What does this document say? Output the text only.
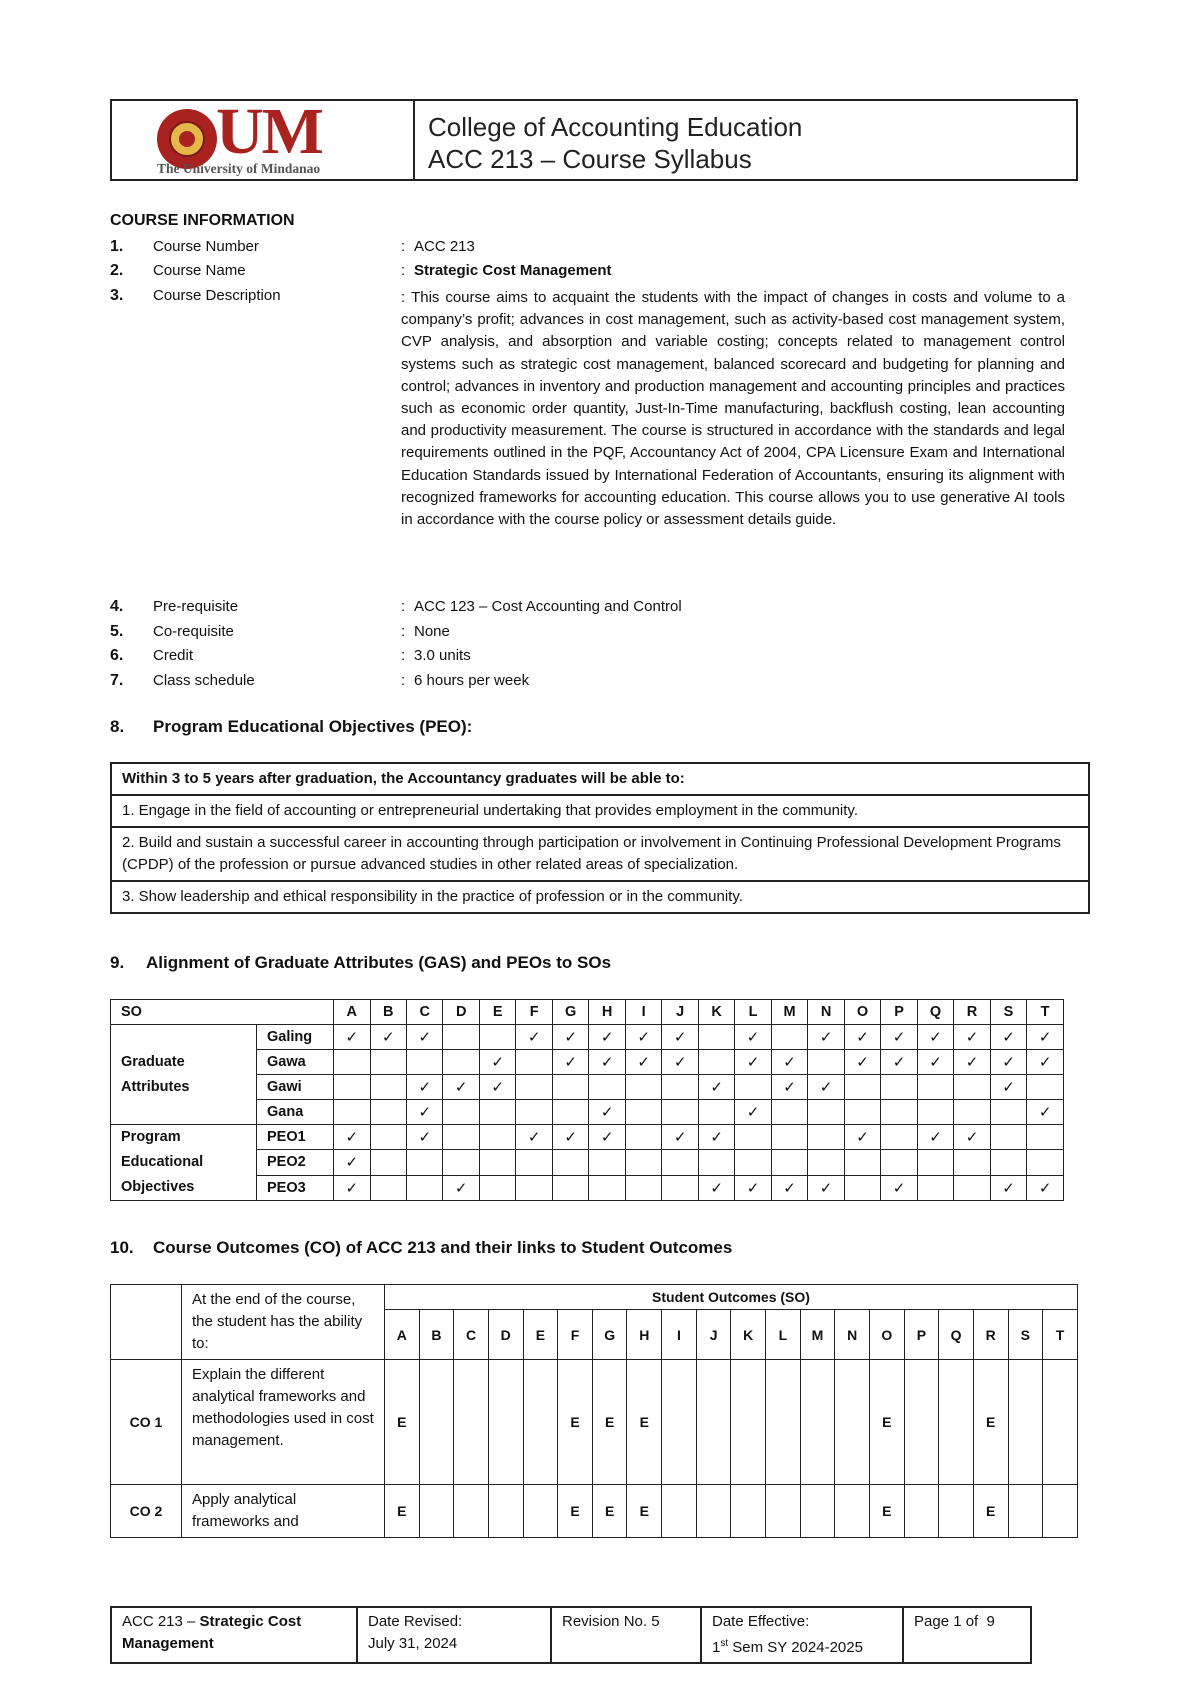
UM
The University of Mindanao
College of Accounting Education
ACC 213 – Course Syllabus
COURSE INFORMATION
1. Course Number	: ACC 213
2. Course Name	: Strategic Cost Management
3. Course Description	: This course aims to acquaint the students with the impact of changes in costs and volume to a company’s profit; advances in cost management, such as activity-based cost management system, CVP analysis, and absorption and variable costing; concepts related to management control systems such as strategic cost management, balanced scorecard and budgeting for planning and control; advances in inventory and production management and accounting principles and practices such as economic order quantity, Just-In-Time manufacturing, backflush costing, lean accounting and productivity measurement. The course is structured in accordance with the standards and legal requirements outlined in the PQF, Accountancy Act of 2004, CPA Licensure Exam and International Education Standards issued by International Federation of Accountants, ensuring its alignment with recognized frameworks for accounting education. This course allows you to use generative AI tools in accordance with the course policy or assessment details guide.
4. Pre-requisite	: ACC 123 – Cost Accounting and Control
5. Co-requisite	: None
6. Credit	: 3.0 units
7. Class schedule	: 6 hours per week
8. Program Educational Objectives (PEO):
Within 3 to 5 years after graduation, the Accountancy graduates will be able to:
1. Engage in the field of accounting or entrepreneurial undertaking that provides employment in the community.
2. Build and sustain a successful career in accounting through participation or involvement in Continuing Professional Development Programs (CPDP) of the profession or pursue advanced studies in other related areas of specialization.
3. Show leadership and ethical responsibility in the practice of profession or in the community.
9. Alignment of Graduate Attributes (GAS) and PEOs to SOs
SO		A	B	C	D	E	F	G	H	I	J	K	L	M	N	O	P	Q	R	S	T
Graduate Attributes	Galing	✓	✓	✓			✓	✓	✓	✓	✓		✓		✓	✓	✓	✓	✓	✓	✓
	Gawa					✓		✓	✓	✓	✓		✓	✓		✓	✓	✓	✓	✓	✓
	Gawi			✓	✓	✓						✓		✓	✓					✓	
	Gana			✓					✓				✓								✓
Program Educational Objectives	PEO1	✓		✓			✓	✓	✓		✓	✓				✓		✓	✓		
	PEO2	✓																			
	PEO3	✓			✓							✓	✓	✓	✓		✓			✓	✓
10. Course Outcomes (CO) of ACC 213 and their links to Student Outcomes
	At the end of the course, the student has the ability to:	Student Outcomes (SO)																			
		A	B	C	D	E	F	G	H	I	J	K	L	M	N	O	P	Q	R	S	T
CO 1	Explain the different analytical frameworks and methodologies used in cost management.	E					E	E	E							E			E		
CO 2	Apply analytical frameworks and	E					E	E	E							E			E		
ACC 213 – Strategic Cost Management	
Date Revised:
July 31, 2024
	Revision No. 5	Date Effective:
1st Sem SY 2024-2025
	Page 1 of  9
